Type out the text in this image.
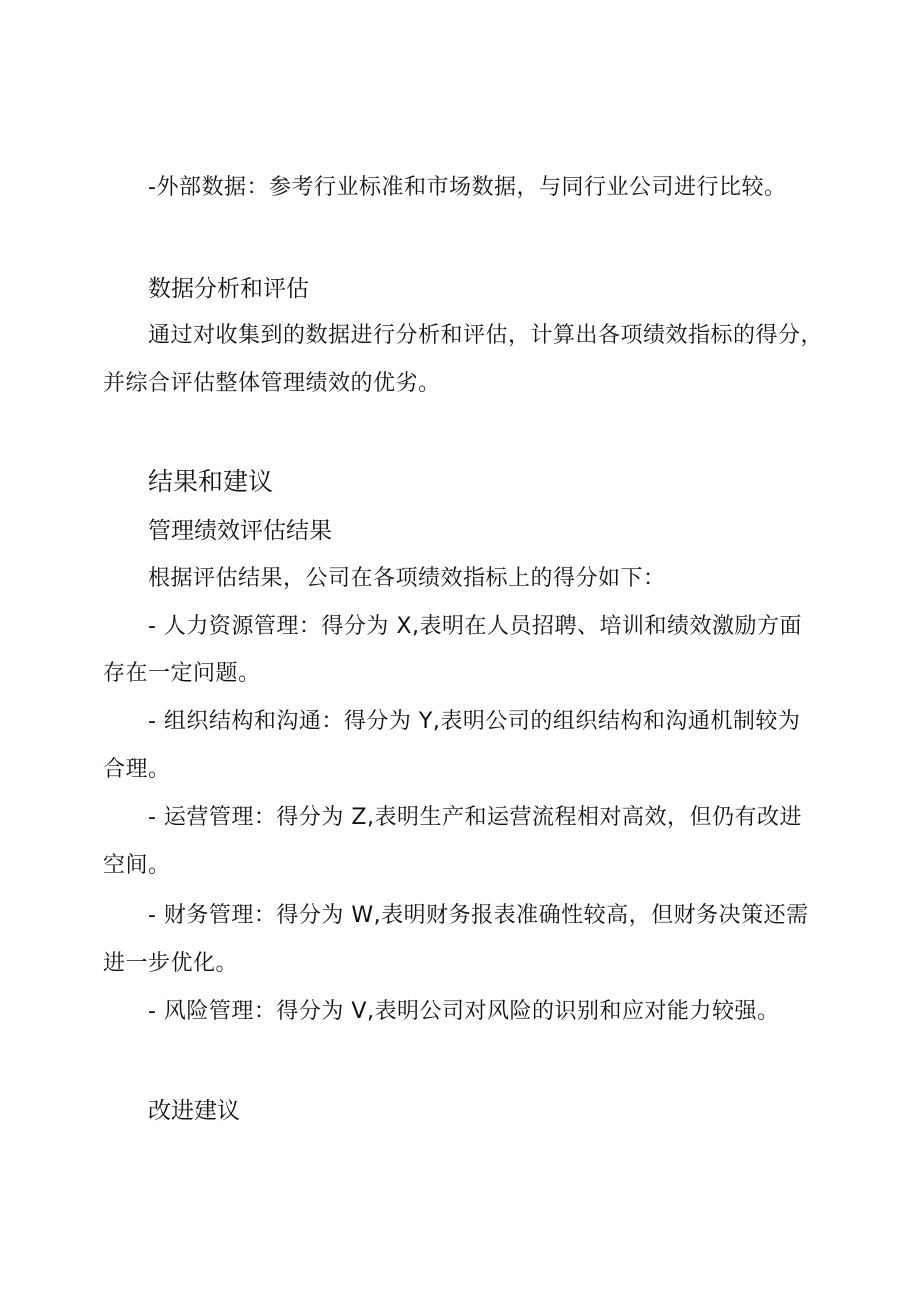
-外部数据：参考行业标准和市场数据，与同行业公司进行比较。
数据分析和评估
通过对收集到的数据进行分析和评估，计算出各项绩效指标的得分，
并综合评估整体管理绩效的优劣。
结果和建议
管理绩效评估结果
根据评估结果，公司在各项绩效指标上的得分如下：
- 人力资源管理：得分为 X,表明在人员招聘、培训和绩效激励方面
存在一定问题。
- 组织结构和沟通：得分为 Y,表明公司的组织结构和沟通机制较为
合理。
- 运营管理：得分为 Z,表明生产和运营流程相对高效，但仍有改进
空间。
- 财务管理：得分为 W,表明财务报表准确性较高，但财务决策还需
进一步优化。
- 风险管理：得分为 V,表明公司对风险的识别和应对能力较强。
改进建议
